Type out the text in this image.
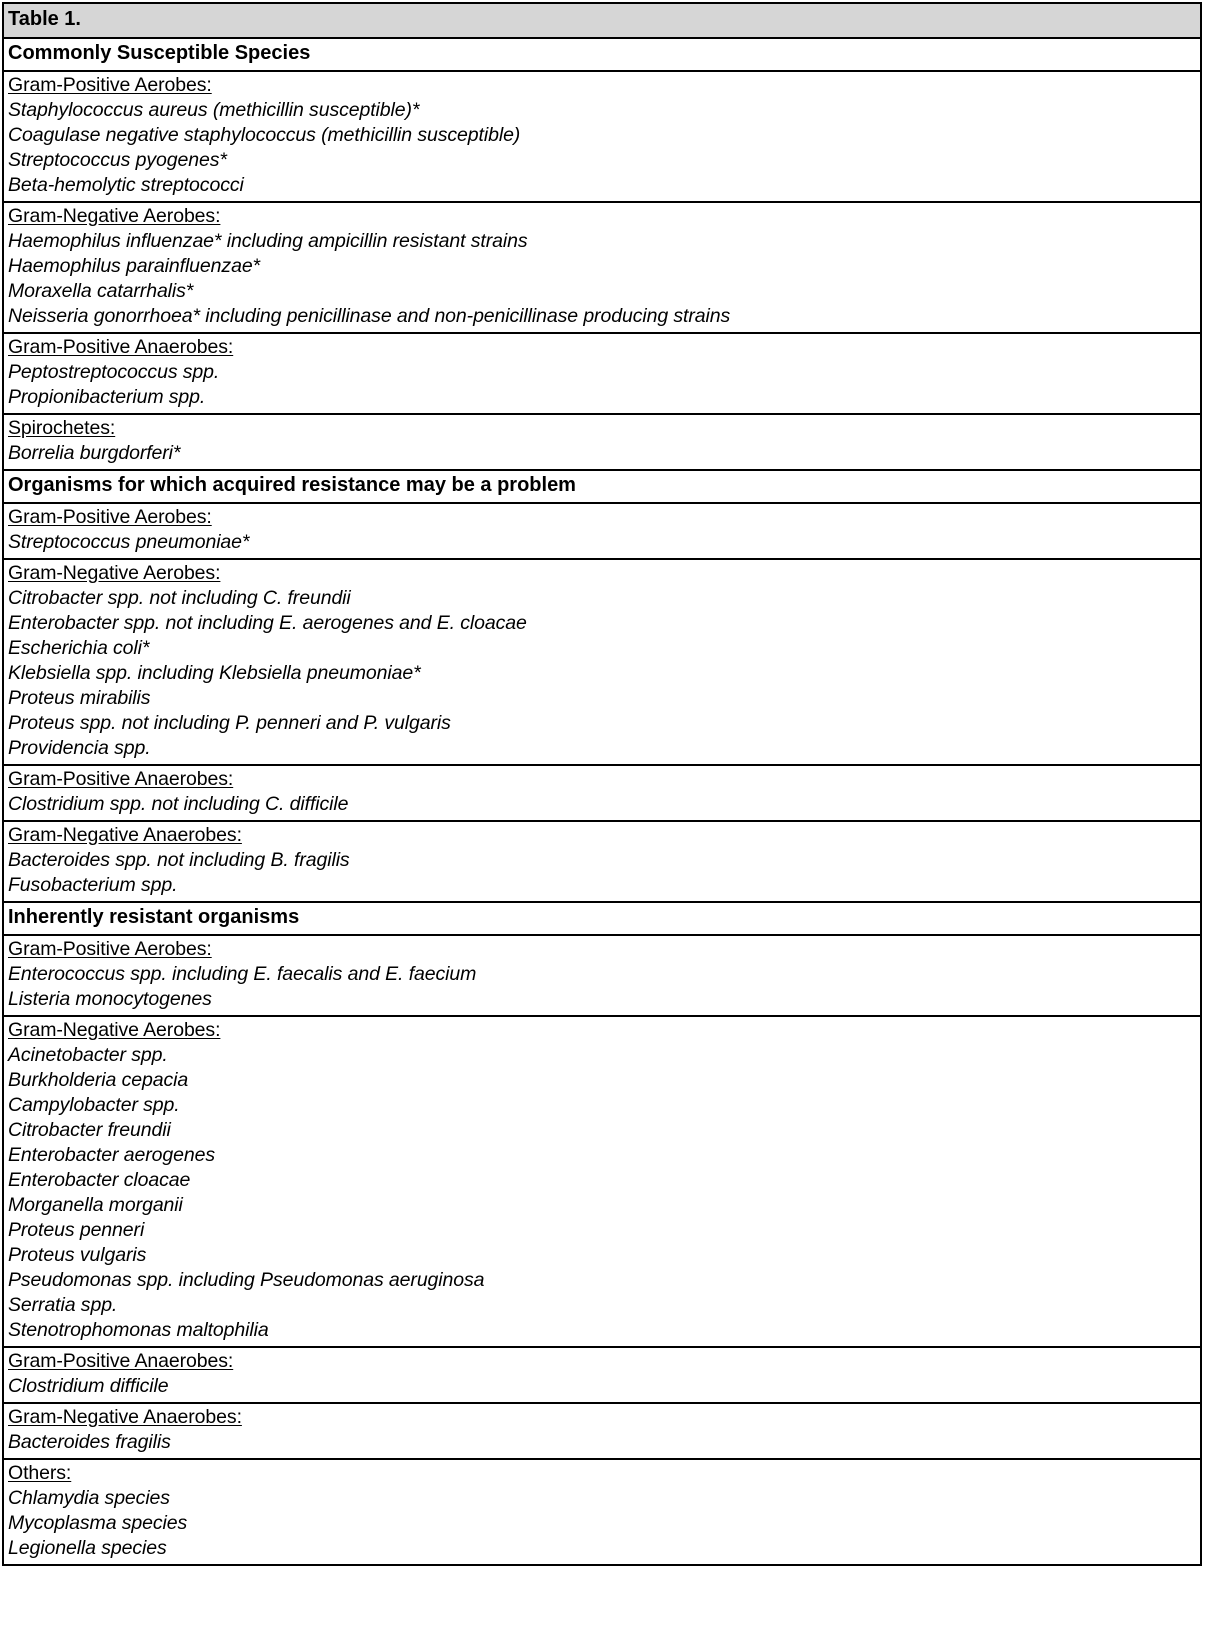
Table 1.
Commonly Susceptible Species

Gram-Positive Aerobes:
Staphylococcus aureus (methicillin susceptible)*
Coagulase negative staphylococcus (methicillin susceptible)
Streptococcus pyogenes*
Beta-hemolytic streptococci

Gram-Negative Aerobes:
Haemophilus influenzae* including ampicillin resistant strains
Haemophilus parainfluenzae*
Moraxella catarrhalis*
Neisseria gonorrhoea* including penicillinase and non-penicillinase producing strains

Gram-Positive Anaerobes:
Peptostreptococcus spp.
Propionibacterium spp.

Spirochetes:
Borrelia burgdorferi*

Organisms for which acquired resistance may be a problem

Gram-Positive Aerobes:
Streptococcus pneumoniae*

Gram-Negative Aerobes:
Citrobacter spp. not including C. freundii
Enterobacter spp. not including E. aerogenes and E. cloacae
Escherichia coli*
Klebsiella spp. including Klebsiella pneumoniae*
Proteus mirabilis
Proteus spp. not including P. penneri and P. vulgaris
Providencia spp.

Gram-Positive Anaerobes:
Clostridium spp. not including C. difficile

Gram-Negative Anaerobes:
Bacteroides spp. not including B. fragilis
Fusobacterium spp.

Inherently resistant organisms

Gram-Positive Aerobes:
Enterococcus spp. including E. faecalis and E. faecium
Listeria monocytogenes

Gram-Negative Aerobes:
Acinetobacter spp.
Burkholderia cepacia
Campylobacter spp.
Citrobacter freundii
Enterobacter aerogenes
Enterobacter cloacae
Morganella morganii
Proteus penneri
Proteus vulgaris
Pseudomonas spp. including Pseudomonas aeruginosa
Serratia spp.
Stenotrophomonas maltophilia

Gram-Positive Anaerobes:
Clostridium difficile

Gram-Negative Anaerobes:
Bacteroides fragilis

Others:
Chlamydia species
Mycoplasma species
Legionella species
